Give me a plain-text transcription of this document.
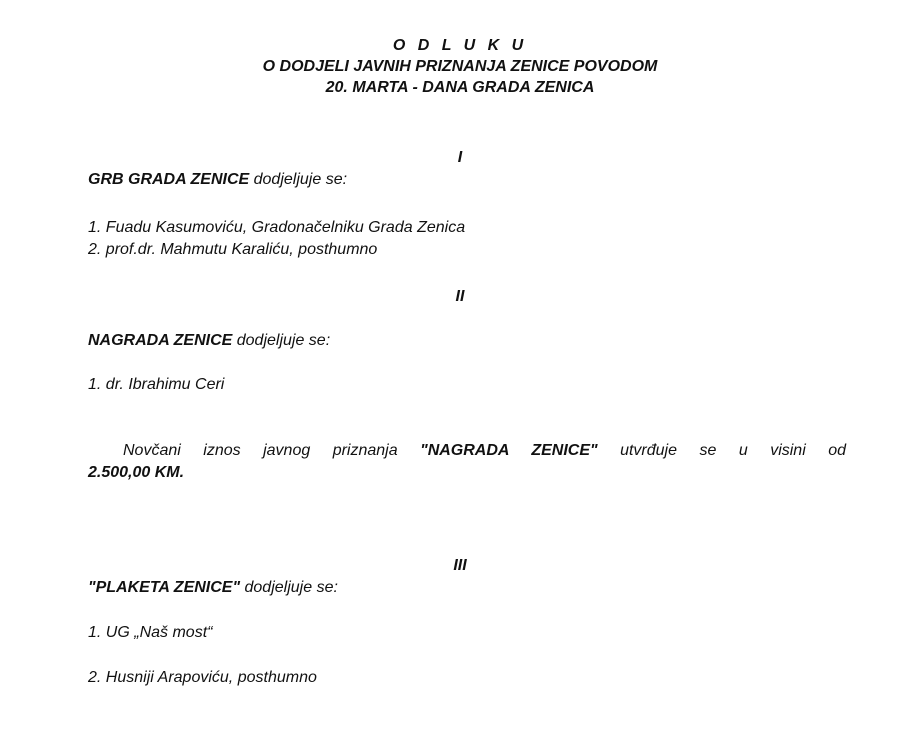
O D L U K U
O DODJELI JAVNIH PRIZNANJA ZENICE POVODOM
20. MARTA - DANA GRADA ZENICA
I
GRB GRADA ZENICE dodjeljuje se:
1. Fuadu Kasumoviću, Gradonačelniku Grada Zenica
2. prof.dr. Mahmutu Karaliću, posthumno
II
NAGRADA ZENICE dodjeljuje se:
1. dr. Ibrahimu Ceri
Novčani iznos javnog priznanja "NAGRADA ZENICE" utvrđuje se u visini od
2.500,00 KM.
III
"PLAKETA ZENICE" dodjeljuje se:
1. UG „Naš most“
2. Husniji Arapoviću, posthumno
